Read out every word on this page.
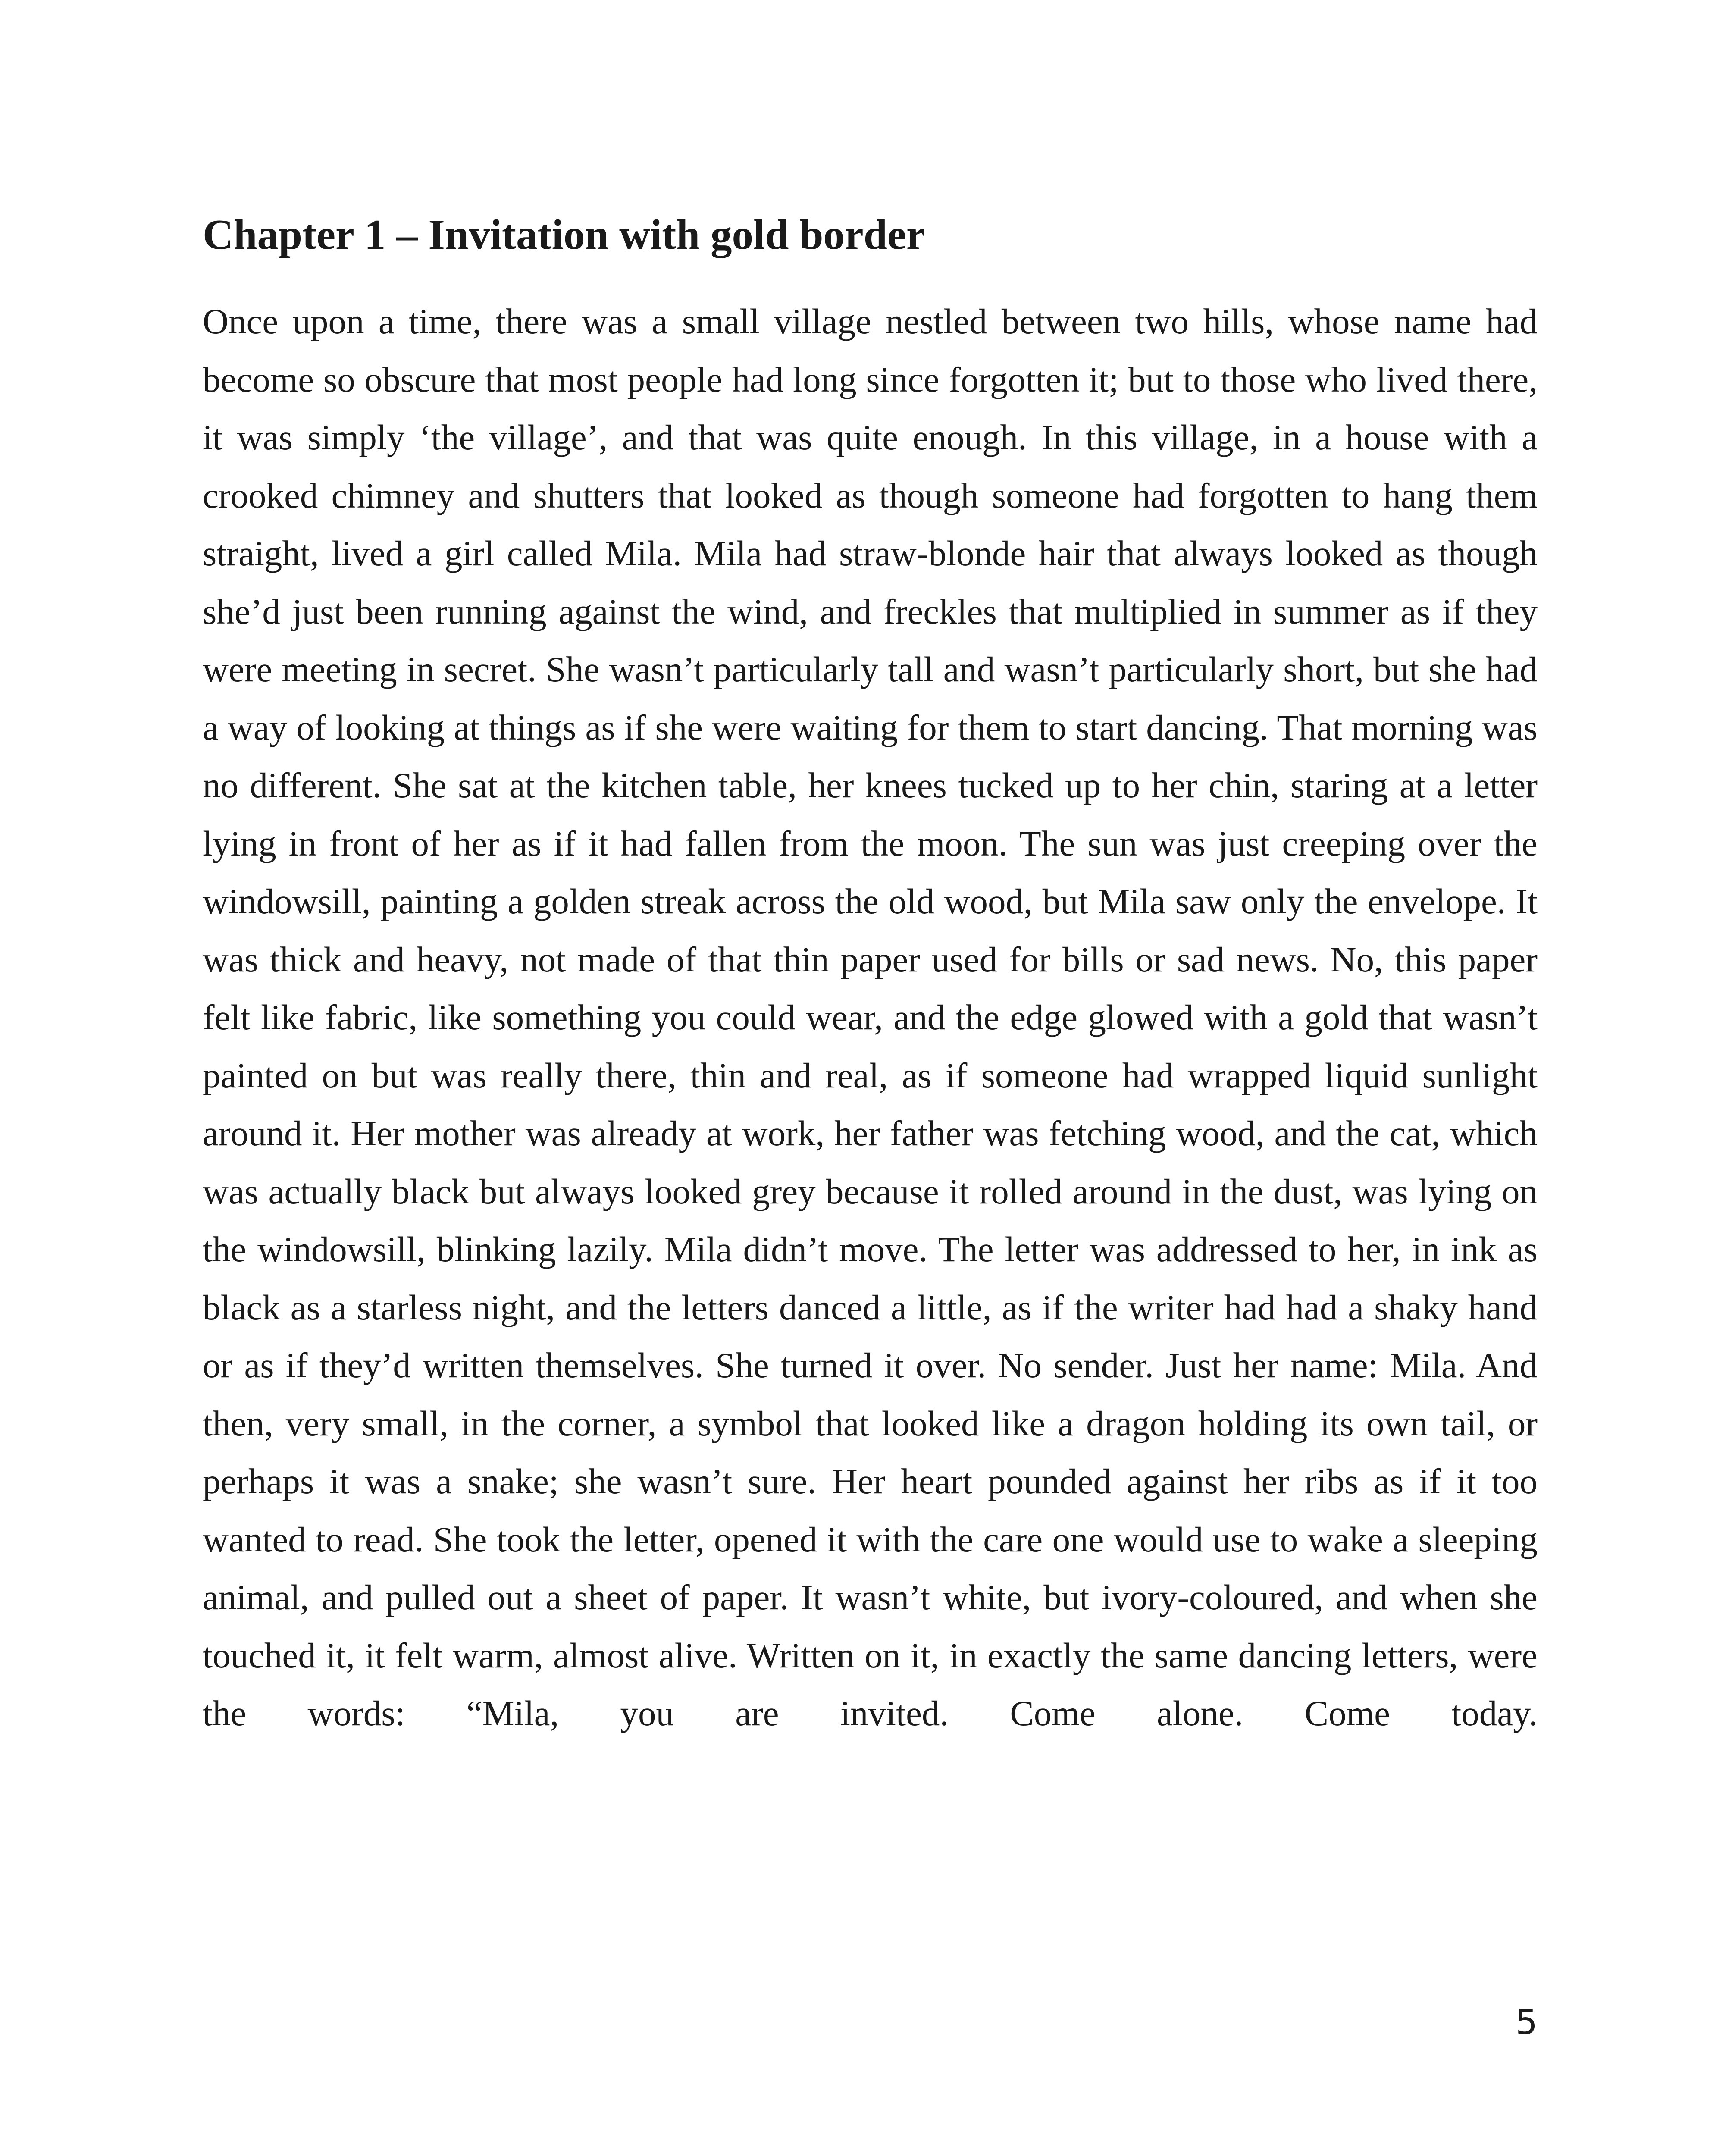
Chapter 1 – Invitation with gold border

Once upon a time, there was a small village nestled between two hills, whose name had become so obscure that most people had long since forgotten it; but to those who lived there, it was simply ‘the village’, and that was quite enough. In this village, in a house with a crooked chimney and shutters that looked as though someone had forgotten to hang them straight, lived a girl called Mila. Mila had straw-blonde hair that always looked as though she’d just been running against the wind, and freckles that multiplied in summer as if they were meeting in secret. She wasn’t particularly tall and wasn’t particularly short, but she had a way of looking at things as if she were waiting for them to start dancing. That morning was no different. She sat at the kitchen table, her knees tucked up to her chin, staring at a letter lying in front of her as if it had fallen from the moon. The sun was just creeping over the windowsill, painting a golden streak across the old wood, but Mila saw only the envelope. It was thick and heavy, not made of that thin paper used for bills or sad news. No, this paper felt like fabric, like something you could wear, and the edge glowed with a gold that wasn’t painted on but was really there, thin and real, as if someone had wrapped liquid sunlight around it. Her mother was already at work, her father was fetching wood, and the cat, which was actually black but always looked grey because it rolled around in the dust, was lying on the windowsill, blinking lazily. Mila didn’t move. The letter was addressed to her, in ink as black as a starless night, and the letters danced a little, as if the writer had had a shaky hand or as if they’d written themselves. She turned it over. No sender. Just her name: Mila. And then, very small, in the corner, a symbol that looked like a dragon holding its own tail, or perhaps it was a snake; she wasn’t sure. Her heart pounded against her ribs as if it too wanted to read. She took the letter, opened it with the care one would use to wake a sleeping animal, and pulled out a sheet of paper. It wasn’t white, but ivory-coloured, and when she touched it, it felt warm, almost alive. Written on it, in exactly the same dancing letters, were the words: “Mila, you are invited. Come alone. Come today.

5
